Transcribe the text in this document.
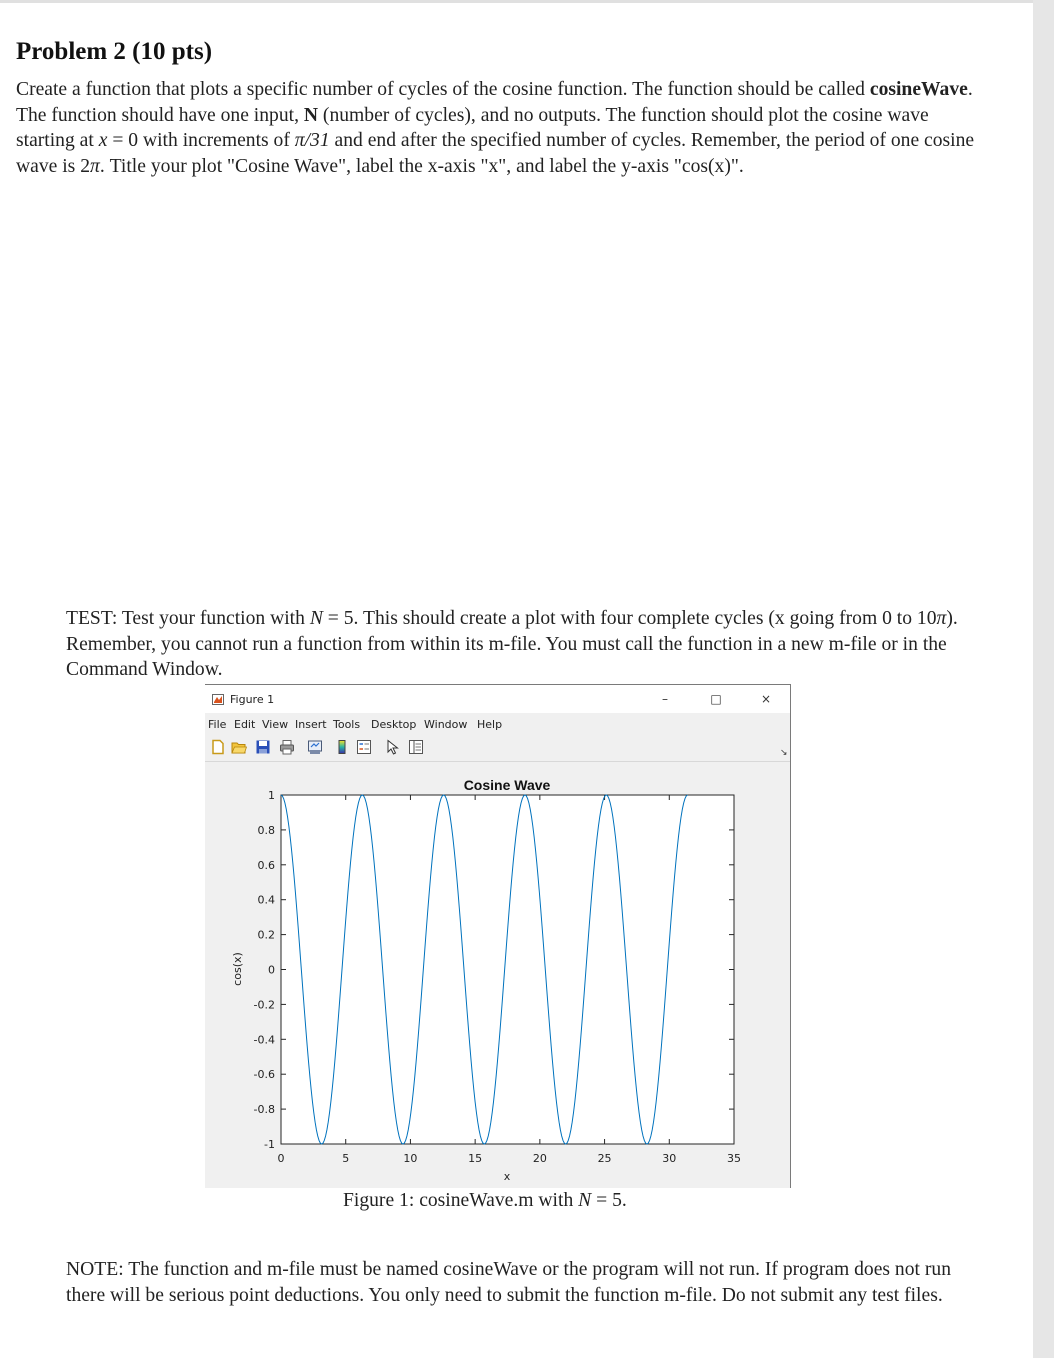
Problem 2 (10 pts)

Create a function that plots a specific number of cycles of the cosine function. The function should be called cosineWave. The function should have one input, N (number of cycles), and no outputs. The function should plot the cosine wave starting at x = 0 with increments of π/31 and end after the specified number of cycles. Remember, the period of one cosine wave is 2π. Title your plot "Cosine Wave", label the x-axis "x", and label the y-axis "cos(x)".

TEST: Test your function with N = 5. This should create a plot with four complete cycles (x going from 0 to 10π). Remember, you cannot run a function from within its m-file. You must call the function in a new m-file or in the Command Window.

Figure 1	–	□	×
File Edit View Insert Tools Desktop Window Help
↘
1
0.8
0.6
0.4
0.2
0
-0.2
-0.4
-0.6
-0.8
-1
0	5	10	15	20	25	30	35
Cosine Wave
x
cos(x)

Figure 1: cosineWave.m with N = 5.

NOTE: The function and m-file must be named cosineWave or the program will not run. If program does not run there will be serious point deductions. You only need to submit the function m-file. Do not submit any test files.
